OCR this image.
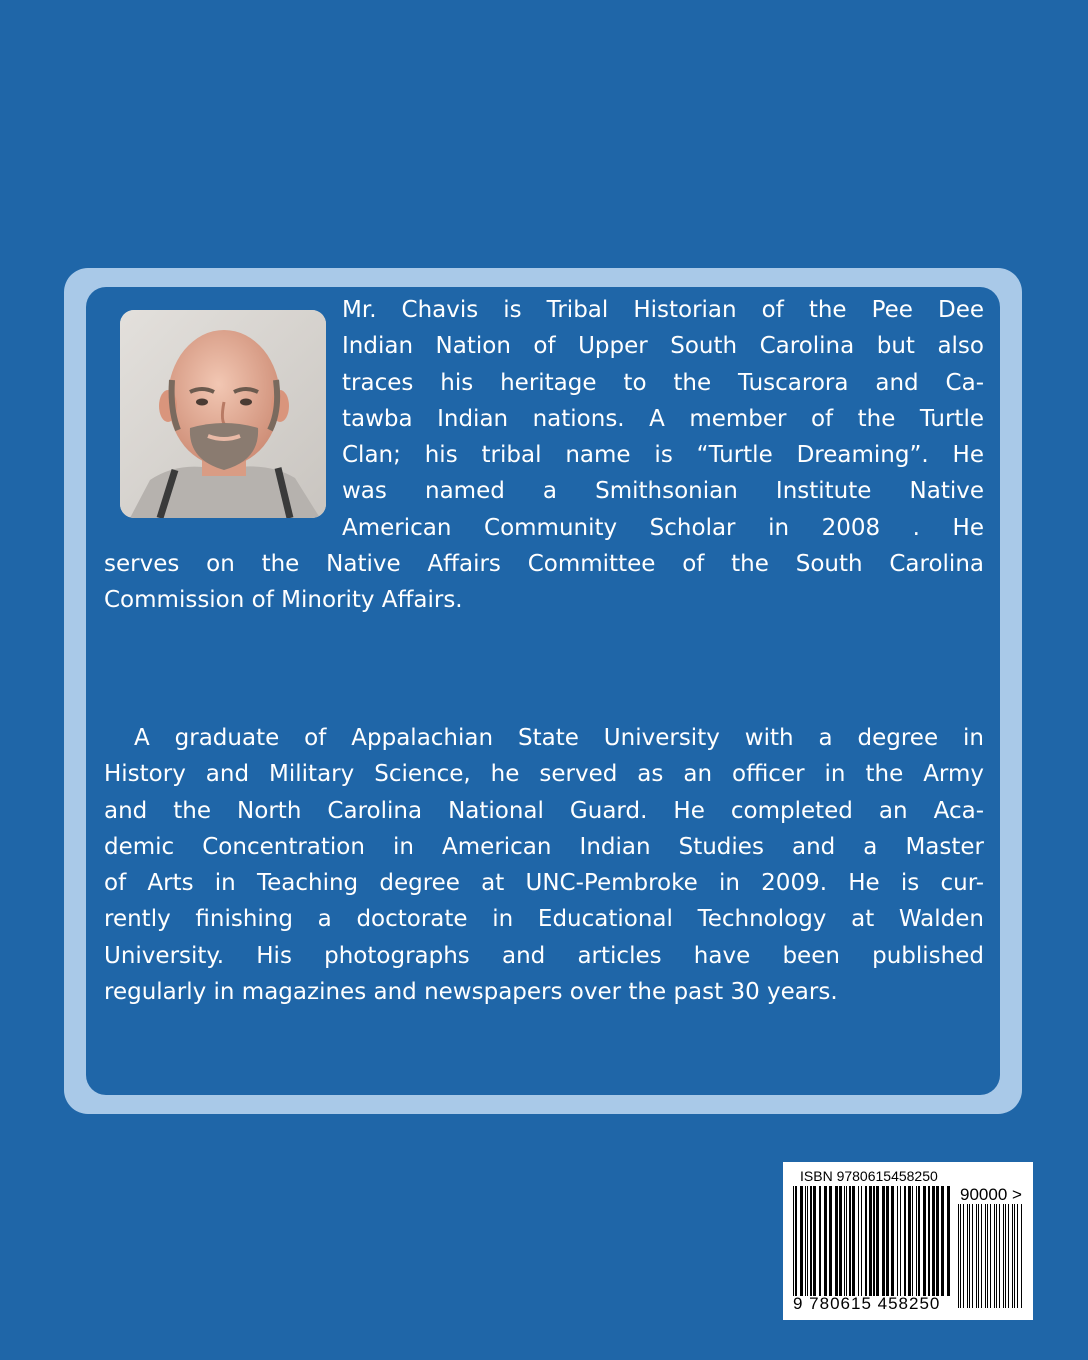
Mr. Chavis is Tribal Historian of the Pee Dee
Indian Nation of Upper South Carolina but also
traces his heritage to the Tuscarora and Ca-
tawba Indian nations. A member of the Turtle
Clan; his tribal name is “Turtle Dreaming”. He
was named a Smithsonian Institute Native
American Community Scholar in 2008 . He
serves on the Native Affairs Committee of the South Carolina
Commission of Minority Affairs.
A graduate of Appalachian State University with a degree in
History and Military Science, he served as an officer in the Army
and the North Carolina National Guard. He completed an Aca-
demic Concentration in American Indian Studies and a Master
of Arts in Teaching degree at UNC-Pembroke in 2009. He is cur-
rently finishing a doctorate in Educational Technology at Walden
University. His photographs and articles have been published
regularly in magazines and newspapers over the past 30 years.
ISBN 9780615458250
90000 >
9 780615 458250
